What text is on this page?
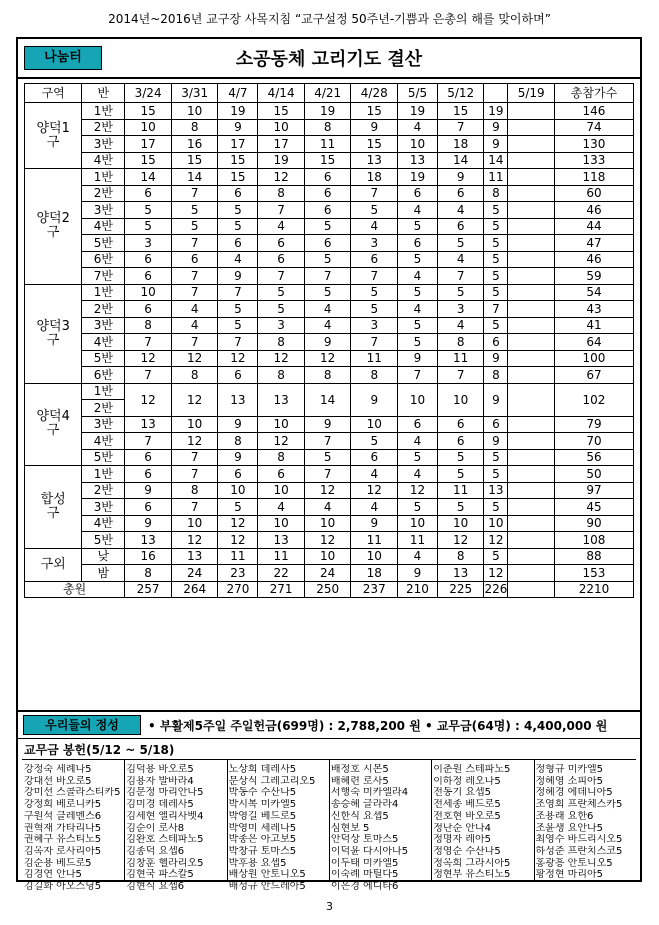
2014년~2016년 교구장 사목지침 “교구설정 50주년-기쁨과 은총의 해를 맞이하며”
나눔터	소공동체 고리기도 결산
구역	반	3/24	3/31	4/7	4/14	4/21	4/28	5/5	5/12		5/19	총참가수
양덕1
구	1반	15	10	19	15	19	15	19	15	19		146
	2반	10	8	9	10	8	9	4	7	9		74
	3반	17	16	17	17	11	15	10	18	9		130
	4반	15	15	15	19	15	13	13	14	14		133
양덕2
구	1반	14	14	15	12	6	18	19	9	11		118
	2반	6	7	6	8	6	7	6	6	8		60
	3반	5	5	5	7	6	5	4	4	5		46
	4반	5	5	5	4	5	4	5	6	5		44
	5반	3	7	6	6	6	3	6	5	5		47
	6반	6	6	4	6	5	6	5	4	5		46
	7반	6	7	9	7	7	7	4	7	5		59
양덕3
구	1반	10	7	7	5	5	5	5	5	5		54
	2반	6	4	5	5	4	5	4	3	7		43
	3반	8	4	5	3	4	3	5	4	5		41
	4반	7	7	7	8	9	7	5	8	6		64
	5반	12	12	12	12	12	11	9	11	9		100
	6반	7	8	6	8	8	8	7	7	8		67
양덕4
구	1반	12	12	13	13	14	9	10	10	9		102
	2반											
	3반	13	10	9	10	9	10	6	6	6		79
	4반	7	12	8	12	7	5	4	6	9		70
	5반	6	7	9	8	5	6	5	5	5		56
합성
구	1반	6	7	6	6	7	4	4	5	5		50
	2반	9	8	10	10	12	12	12	11	13		97
	3반	6	7	5	4	4	4	5	5	5		45
	4반	9	10	12	10	10	9	10	10	10		90
	5반	13	12	12	13	12	11	11	12	12		108
구외	낮	16	13	11	11	10	10	4	8	5		88
	밤	8	24	23	22	24	18	9	13	12		153
총원		257	264	270	271	250	237	210	225	226		2210
우리들의 정성	• 부활제5주일 주일헌금(699명) : 2,788,200 원 • 교무금(64명) : 4,400,000 원
교무금 봉헌(5/12 ~ 5/18)
강정숙 세례나5
강대선 바오로5
강미선 스콜라스티카5
강정희 베로니카5
구원석 클레멘스6
권혁재 가타리나5
권혜구 유스티노5
김옥자 로사리아5
김순용 베드로5
김경연 안나5
김길화 아오스딩5
김덕용 바오로5
김용자 발바라4
김문정 마리안나5
김미경 데레사5
김세현 엘리사벳4
김순이 로사8
김완호 스테파노5
김종덕 요셉6
김창훈 헬라리오5
김현국 파스칼5
김현식 요셉6
노상희 데레사5
문상식 그레고리오5
박동수 수산나5
박시복 미카엘5
박영길 베드로5
박영미 세레나5
박종은 아고보5
박창규 토마스5
박후용 요셉5
배상원 안토니오5
배성규 안드레아5
배정호 시몬5
배혜련 로사5
서행숙 미카엘라4
송승혜 글라라4
신한식 요셉5
심현보 5
안덕상 토마스5
이덕윤 다시아나5
이두태 미카엘5
이숙례 마틸다5
이은경 에디타6
이춘원 스테파노5
이하정 레오나5
전동기 요셉5
전세종 베드로5
전호현 바오로5
정난순 안나4
정명자 레아5
정영순 수산나5
정옥희 그라시아5
정현부 유스티노5
정형규 미카엘5
정혜영 소피아5
정혜경 에데니아5
조영희 프란체스카5
조용래 요한6
조윤생 요안나5
최영수 바드리시오5
하성준 프란치스코5
홍광흥 안토니오5
황정현 마리아5
3
